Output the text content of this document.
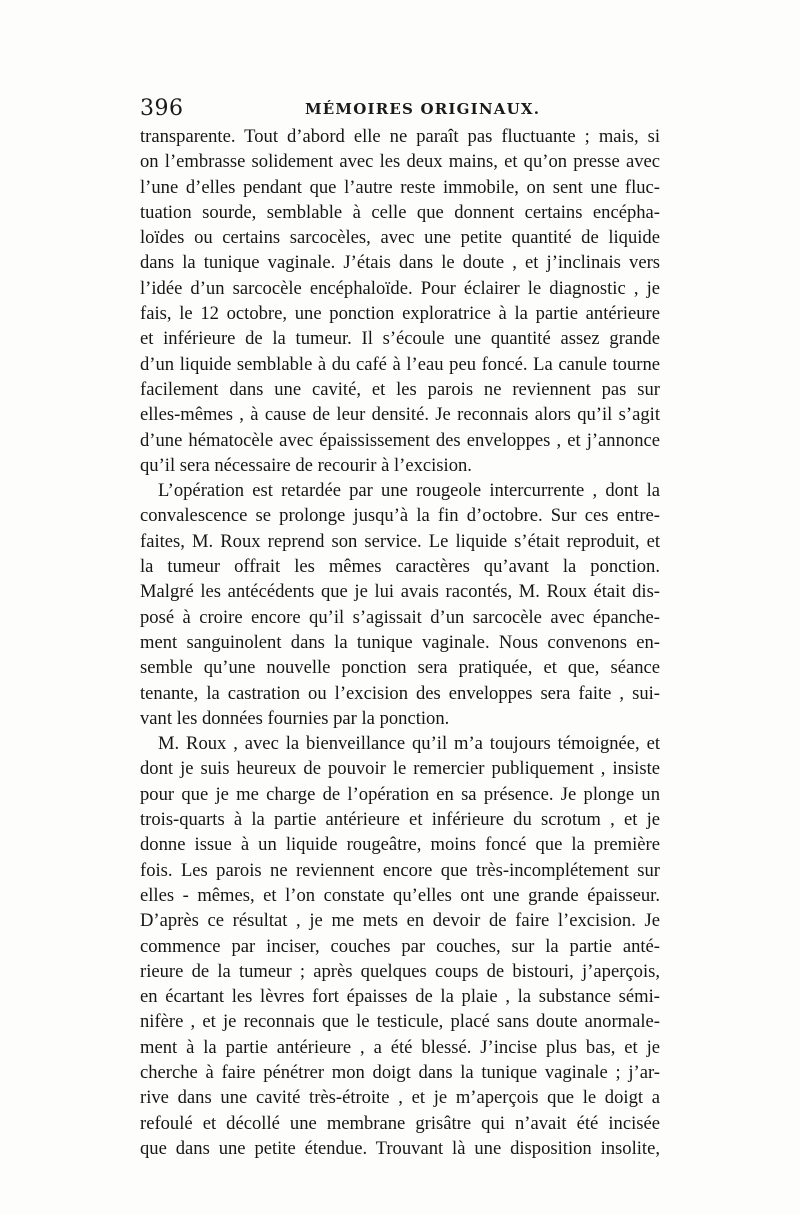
396	MÉMOIRES ORIGINAUX.
transparente. Tout d’abord elle ne paraît pas fluctuante ; mais, si
on l’embrasse solidement avec les deux mains, et qu’on presse avec
l’une d’elles pendant que l’autre reste immobile, on sent une fluc-
tuation sourde, semblable à celle que donnent certains encépha-
loïdes ou certains sarcocèles, avec une petite quantité de liquide
dans la tunique vaginale. J’étais dans le doute , et j’inclinais vers
l’idée d’un sarcocèle encéphaloïde. Pour éclairer le diagnostic , je
fais, le 12 octobre, une ponction exploratrice à la partie antérieure
et inférieure de la tumeur. Il s’écoule une quantité assez grande
d’un liquide semblable à du café à l’eau peu foncé. La canule tourne
facilement dans une cavité, et les parois ne reviennent pas sur
elles-mêmes , à cause de leur densité. Je reconnais alors qu’il s’agit
d’une hématocèle avec épaississement des enveloppes , et j’annonce
qu’il sera nécessaire de recourir à l’excision.
L’opération est retardée par une rougeole intercurrente , dont la
convalescence se prolonge jusqu’à la fin d’octobre. Sur ces entre-
faites, M. Roux reprend son service. Le liquide s’était reproduit, et
la tumeur offrait les mêmes caractères qu’avant la ponction.
Malgré les antécédents que je lui avais racontés, M. Roux était dis-
posé à croire encore qu’il s’agissait d’un sarcocèle avec épanche-
ment sanguinolent dans la tunique vaginale. Nous convenons en-
semble qu’une nouvelle ponction sera pratiquée, et que, séance
tenante, la castration ou l’excision des enveloppes sera faite , sui-
vant les données fournies par la ponction.
M. Roux , avec la bienveillance qu’il m’a toujours témoignée, et
dont je suis heureux de pouvoir le remercier publiquement , insiste
pour que je me charge de l’opération en sa présence. Je plonge un
trois-quarts à la partie antérieure et inférieure du scrotum , et je
donne issue à un liquide rougeâtre, moins foncé que la première
fois. Les parois ne reviennent encore que très-incomplétement sur
elles - mêmes, et l’on constate qu’elles ont une grande épaisseur.
D’après ce résultat , je me mets en devoir de faire l’excision. Je
commence par inciser, couches par couches, sur la partie anté-
rieure de la tumeur ; après quelques coups de bistouri, j’aperçois,
en écartant les lèvres fort épaisses de la plaie , la substance sémi-
nifère , et je reconnais que le testicule, placé sans doute anormale-
ment à la partie antérieure , a été blessé. J’incise plus bas, et je
cherche à faire pénétrer mon doigt dans la tunique vaginale ; j’ar-
rive dans une cavité très-étroite , et je m’aperçois que le doigt a
refoulé et décollé une membrane grisâtre qui n’avait été incisée
que dans une petite étendue. Trouvant là une disposition insolite,
